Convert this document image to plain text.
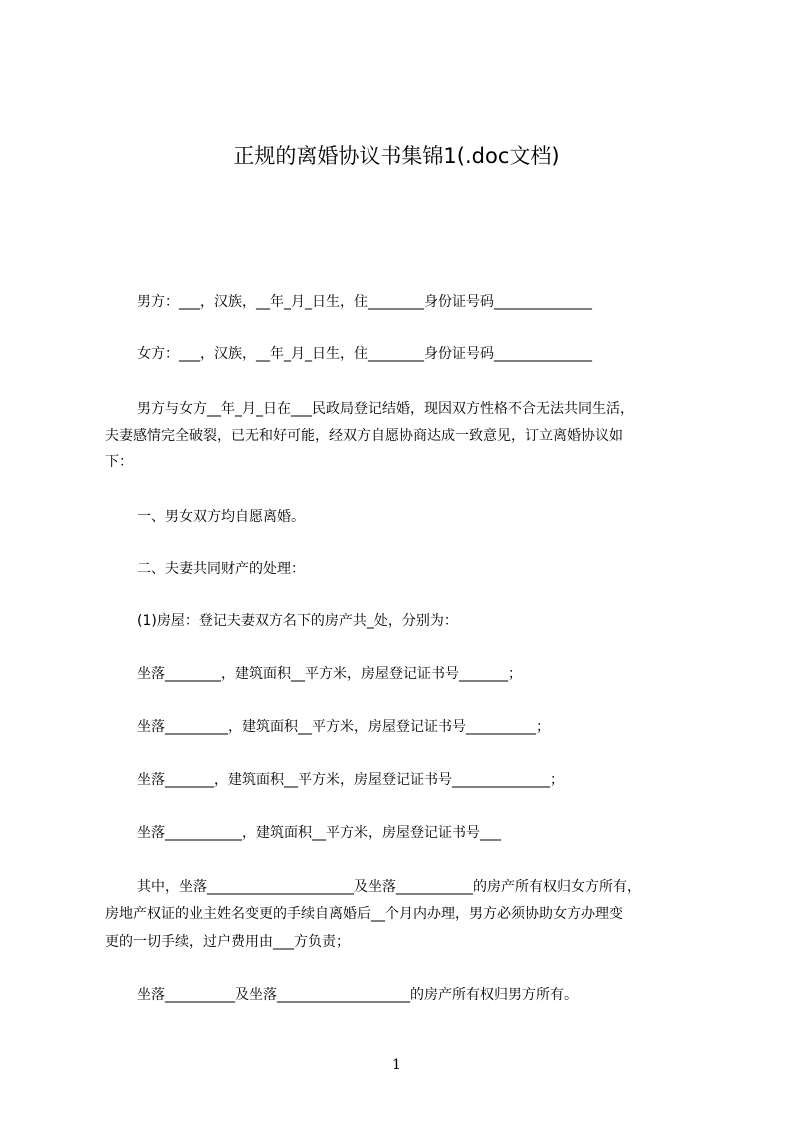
正规的离婚协议书集锦1(.doc文档)
男方：___，汉族，__年_月_日生，住________身份证号码______________
女方：___，汉族，__年_月_日生，住________身份证号码______________
男方与女方__年_月_日在___民政局登记结婚，现因双方性格不合无法共同生活，
夫妻感情完全破裂，已无和好可能，经双方自愿协商达成一致意见，订立离婚协议如
下：
一、男女双方均自愿离婚。
二、夫妻共同财产的处理：
(1)房屋：登记夫妻双方名下的房产共_处，分别为：
坐落________，建筑面积__平方米，房屋登记证书号_______；
坐落_________，建筑面积__平方米，房屋登记证书号__________；
坐落_______，建筑面积__平方米，房屋登记证书号______________；
坐落___________，建筑面积__平方米，房屋登记证书号___
其中，坐落_____________________及坐落___________的房产所有权归女方所有，
房地产权证的业主姓名变更的手续自离婚后__个月内办理，男方必须协助女方办理变
更的一切手续，过户费用由___方负责；
坐落__________及坐落___________________的房产所有权归男方所有。
1
